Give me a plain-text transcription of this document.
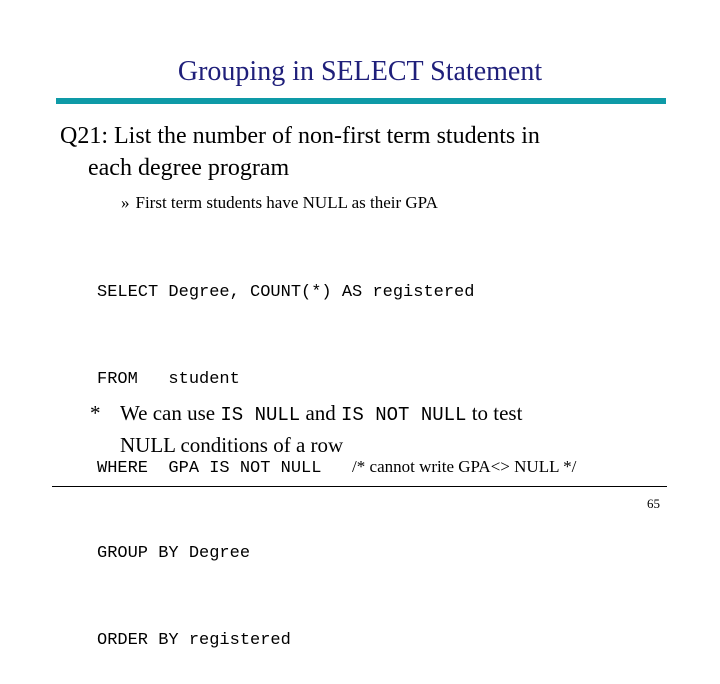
Grouping in SELECT Statement
Q21: List the number of non-first term students in
each degree program
» First term students have NULL as their GPA

SELECT Degree, COUNT(*) AS registered

FROM   student

WHERE  GPA IS NOT NULL   /* cannot write GPA<> NULL */

GROUP BY Degree

ORDER BY registered

* We can use IS NULL and IS NOT NULL to test
NULL conditions of a row
65
